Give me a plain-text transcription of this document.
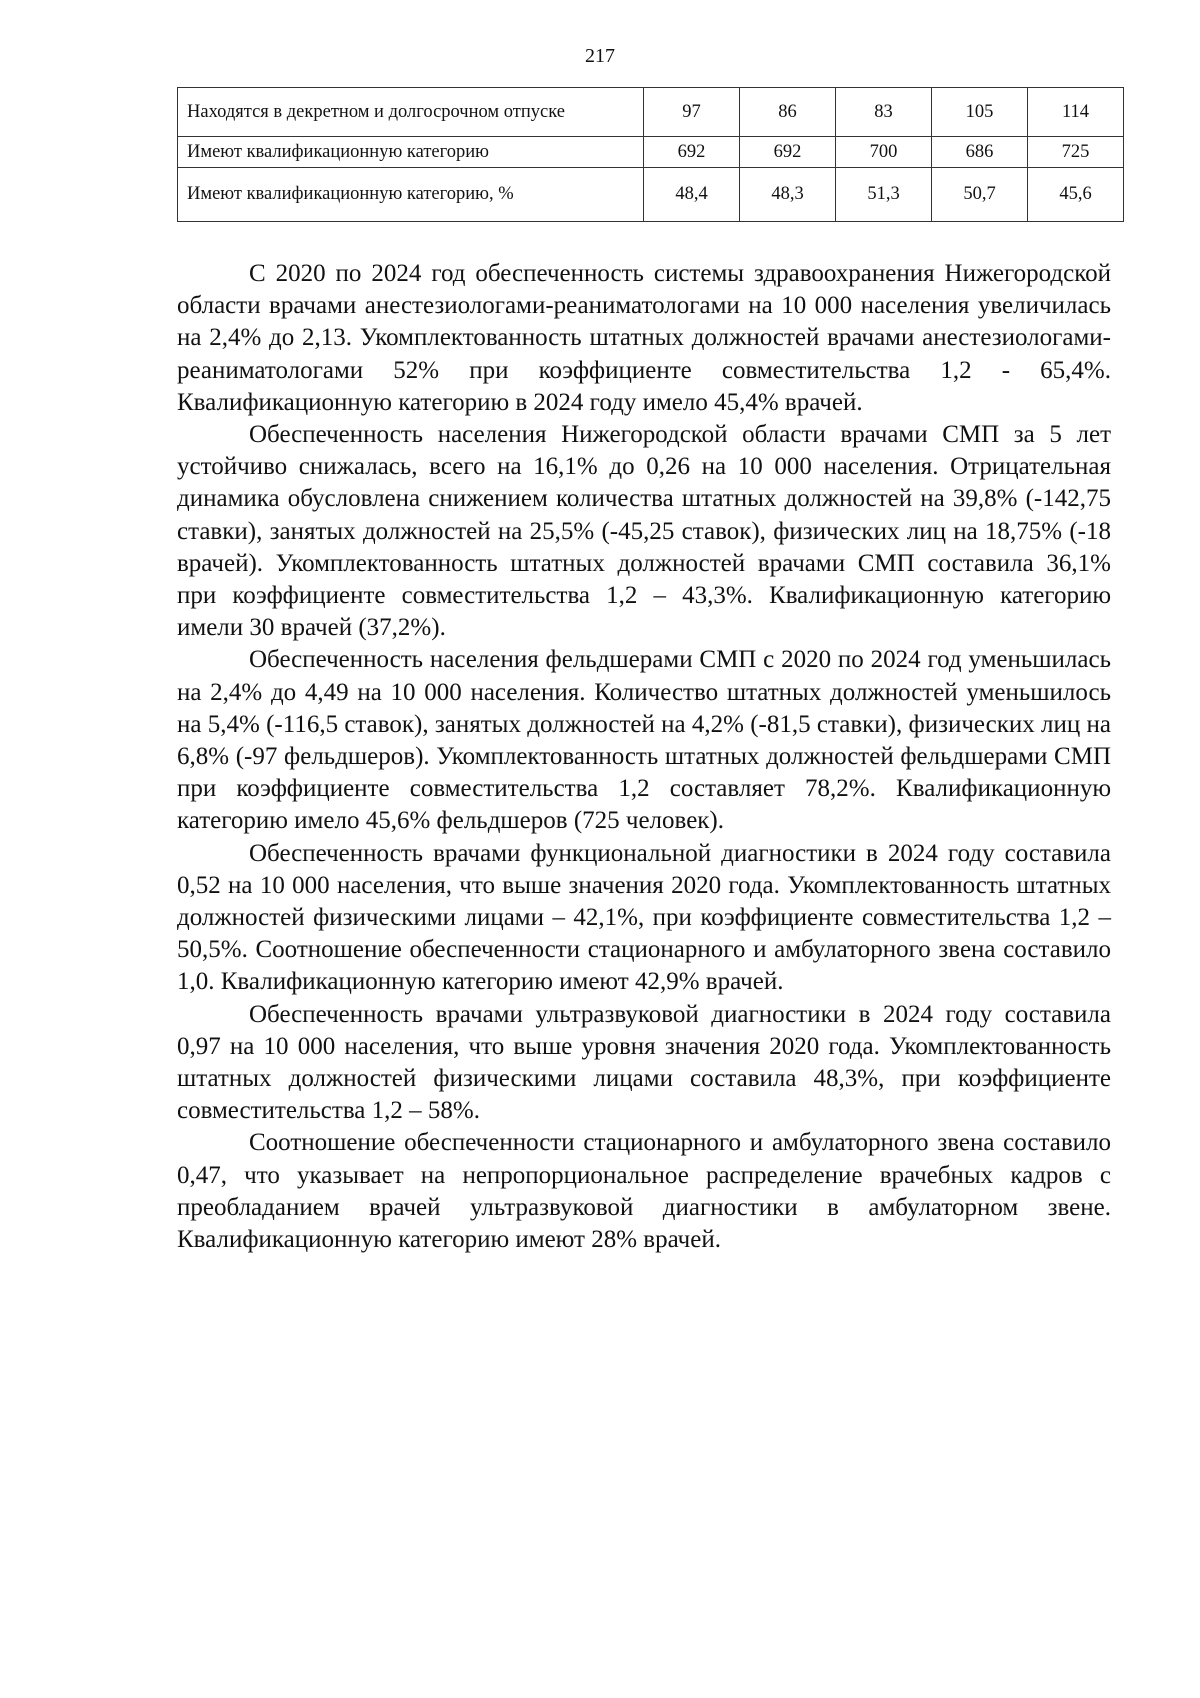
217
Находятся в декретном и долгосрочном отпуске	97	86	83	105	114
Имеют квалификационную категорию	692	692	700	686	725
Имеют квалификационную категорию, %	48,4	48,3	51,3	50,7	45,6

С 2020 по 2024 год обеспеченность системы здравоохранения Нижегородской области врачами анестезиологами-реаниматологами на 10 000 населения увеличилась на 2,4% до 2,13. Укомплектованность штатных должностей врачами анестезиологами-реаниматологами 52% при коэффициенте совместительства 1,2 - 65,4%. Квалификационную категорию в 2024 году имело 45,4% врачей.

Обеспеченность населения Нижегородской области врачами СМП за 5 лет устойчиво снижалась, всего на 16,1% до 0,26 на 10 000 населения. Отрицательная динамика обусловлена снижением количества штатных должностей на 39,8% (-142,75 ставки), занятых должностей на 25,5% (-45,25 ставок), физических лиц на 18,75% (-18 врачей). Укомплектованность штатных должностей врачами СМП составила 36,1% при коэффициенте совместительства 1,2 – 43,3%. Квалификационную категорию имели 30 врачей (37,2%).

Обеспеченность населения фельдшерами СМП с 2020 по 2024 год уменьшилась на 2,4% до 4,49 на 10 000 населения. Количество штатных должностей уменьшилось на 5,4% (-116,5 ставок), занятых должностей на 4,2% (-81,5 ставки), физических лиц на 6,8% (-97 фельдшеров). Укомплектованность штатных должностей фельдшерами СМП при коэффициенте совместительства 1,2 составляет 78,2%. Квалификационную категорию имело 45,6% фельдшеров (725 человек).

Обеспеченность врачами функциональной диагностики в 2024 году составила 0,52 на 10 000 населения, что выше значения 2020 года. Укомплектованность штатных должностей физическими лицами – 42,1%, при коэффициенте совместительства 1,2 – 50,5%. Соотношение обеспеченности стационарного и амбулаторного звена составило 1,0. Квалификационную категорию имеют 42,9% врачей.

Обеспеченность врачами ультразвуковой диагностики в 2024 году составила 0,97 на 10 000 населения, что выше уровня значения 2020 года. Укомплектованность штатных должностей физическими лицами составила 48,3%, при коэффициенте совместительства 1,2 – 58%.

Соотношение обеспеченности стационарного и амбулаторного звена составило 0,47, что указывает на непропорциональное распределение врачебных кадров с преобладанием врачей ультразвуковой диагностики в амбулаторном звене. Квалификационную категорию имеют 28% врачей.
